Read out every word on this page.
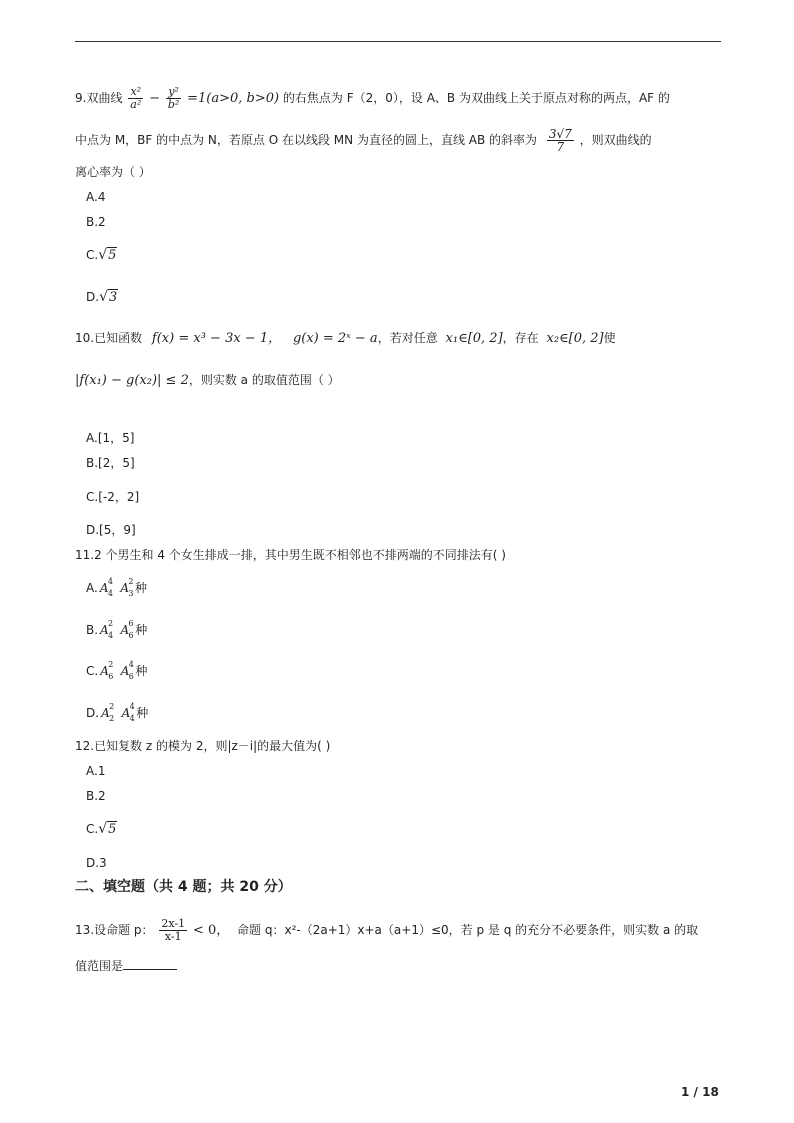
9.双曲线 $\frac{\text{x²}}{\text{a²}} - \frac{\text{y²}}{\text{b²}} =1(a>0$, b>0) 的右焦点为 F（2，0），设 A、B 为双曲线上关于原点对称的两点，AF 的
中点为 M，BF 的中点为 N，若原点 O 在以线段 MN 为直径的圆上，直线 AB 的斜率为 $\frac{3√7}{7}$ ，则双曲线的
离心率为（ ）
A.4
B.2
C.√5
D.√3
10.已知函数 f(x) = x³ − 3x − 1， g(x) = 2ˣ − a，若对任意 x₁∈[0, 2]，存在 x₂∈[0, 2]使
|f(x₁) − g(x₂)| ≤ 2，则实数 a 的取值范围（ ）
A.[1，5]
B.[2，5]
C.[-2，2]
D.[5，9]
11.2 个男生和 4 个女生排成一排，其中男生既不相邻也不排两端的不同排法有( )
A. A 4
4 A 2
3 种
B. A 2
4 A 6
6 种
C. A 2
6 A 4
6 种
D. A 2
2 A 4
4 种
12.已知复数 z 的模为 2，则|z－i|的最大值为( )
A.1
B.2
C.√5
D.3
二、填空题（共 4 题；共 20 分）
13.设命题 p： $\frac{2x-1}{x-1} < 0$， 命题 q：x²-（2a+1）x+a（a+1）≤0，若 p 是 q 的充分不必要条件，则实数 a 的取
值范围是
1 / 18
